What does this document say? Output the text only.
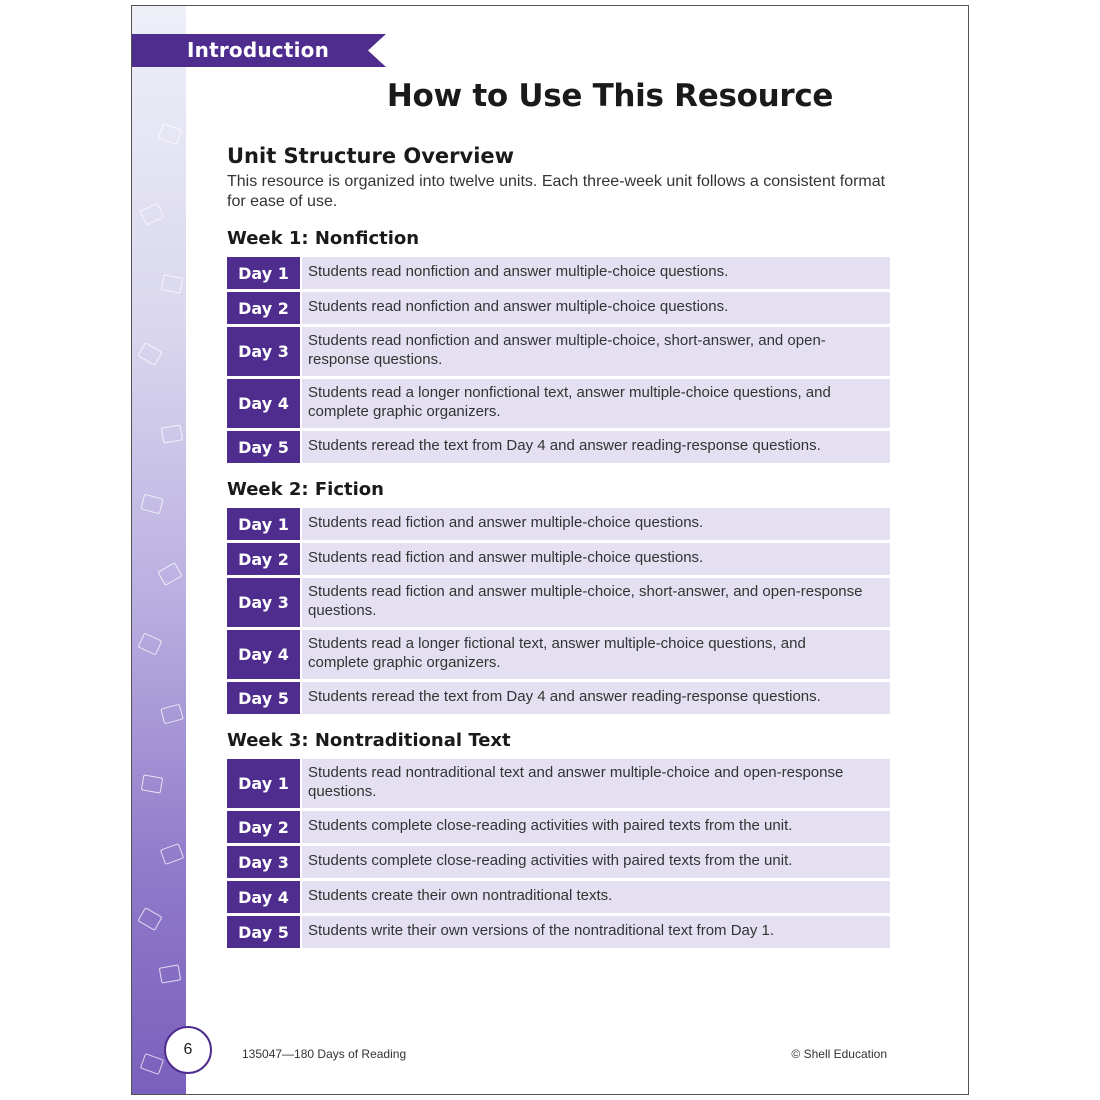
Introduction
How to Use This Resource
Unit Structure Overview

This resource is organized into twelve units. Each three-week unit follows a consistent format for ease of use.

Week 1: Nonfiction
Day 1	Students read nonfiction and answer multiple-choice questions.
Day 2	Students read nonfiction and answer multiple-choice questions.
Day 3
Students read nonfiction and answer multiple-choice, short-answer, and open-response questions.
Day 4
Students read a longer nonfictional text, answer multiple-choice questions, and complete graphic organizers.
Day 5	Students reread the text from Day 4 and answer reading-response questions.
Week 2: Fiction
Day 1	Students read fiction and answer multiple-choice questions.
Day 2	Students read fiction and answer multiple-choice questions.
Day 3
Students read fiction and answer multiple-choice, short-answer, and open-response questions.
Day 4
Students read a longer fictional text, answer multiple-choice questions, and complete graphic organizers.
Day 5	Students reread the text from Day 4 and answer reading-response questions.
Week 3: Nontraditional Text
Day 1
Students read nontraditional text and answer multiple-choice and open-response questions.
Day 2	Students complete close-reading activities with paired texts from the unit.
Day 3	Students complete close-reading activities with paired texts from the unit.
Day 4	Students create their own nontraditional texts.
Day 5	Students write their own versions of the nontraditional text from Day 1.
6	135047—180 Days of Reading	© Shell Education
